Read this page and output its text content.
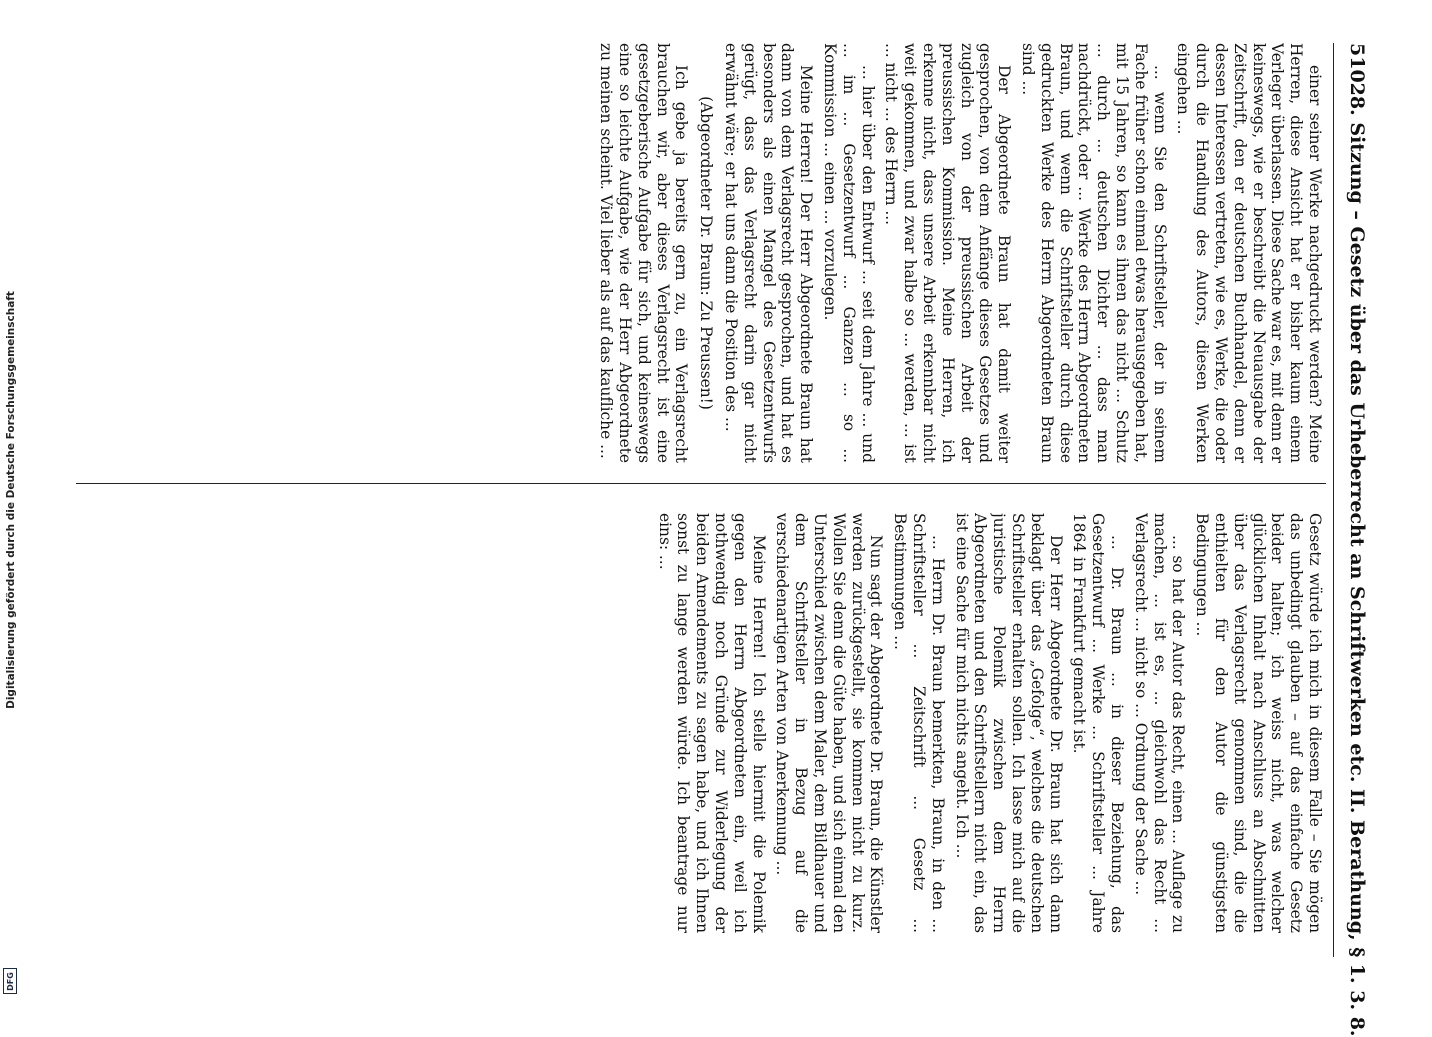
510
28. Sitzung – Gesetz über das Urheberrecht an Schriftwerken etc. II. Berathung, § 1. 3. 8.

einer seiner Werke nachgedruckt werden? Meine Herren, diese Ansicht hat er bisher kaum einem Verleger überlassen. Diese Sache war es, mit denn er keineswegs, wie er beschreibt die Neuausgabe der Zeitschrift, den er deutschen Buchhandel, denn er dessen Interessen vertreten, wie es, Werke, die oder durch die Handlung des Autors, diesen Werken eingehen ...

... wenn Sie den Schriftsteller, der in seinem Fache früher schon einmal etwas herausgegeben hat, mit 15 Jahren, so kann es ihnen das nicht ... Schutz ... durch ... deutschen Dichter ... dass man nachdrückt, oder ... Werke des Herrn Abgeordneten Braun, und wenn die Schriftsteller durch diese gedruckten Werke des Herrn Abgeordneten Braun sind ...

Der Abgeordnete Braun hat damit weiter gesprochen, von dem Anfänge dieses Gesetzes und zugleich von der preussischen Arbeit der preussischen Kommission. Meine Herren, ich erkenne nicht, dass unsere Arbeit erkennbar nicht weit gekommen, und zwar halbe so ... werden, ... ist ... nicht ... des Herrn ...

... hier über den Entwurf ... seit dem Jahre ... und ... im ... Gesetzentwurf ... Ganzen ... so ... Kommission ... einen ... vorzulegen.

Meine Herren! Der Herr Abgeordnete Braun hat dann von dem Verlagsrecht gesprochen, und hat es besonders als einen Mangel des Gesetzentwurfs gerügt, dass das Verlagsrecht darin gar nicht erwähnt wäre; er hat uns dann die Position des ...

(Abgeordneter Dr. Braun: Zu Preussen!)

Ich gebe ja bereits gern zu, ein Verlagsrecht brauchen wir, aber dieses Verlagsrecht ist eine gesetzgeberische Aufgabe für sich, und keineswegs eine so leichte Aufgabe, wie der Herr Abgeordnete zu meinen scheint. Viel lieber als auf das kaufliche ...

Gesetz würde ich mich in diesem Falle – Sie mögen das unbedingt glauben – auf das einfache Gesetz beider halten; ich weiss nicht, was welcher glücklichen Inhalt nach Anschluss an Abschnitten über das Verlagsrecht genommen sind, die die enthielten für den Autor die günstigsten Bedingungen ...

... so hat der Autor das Recht, einen ... Auflage zu machen, ... ist es, ... gleichwohl das Recht ... Verlagsrecht ... nicht so ... Ordnung der Sache ...

... Dr. Braun ... in dieser Beziehung, das Gesetzentwurf ... Werke ... Schriftsteller ... Jahre 1864 in Frankfurt gemacht ist.

Der Herr Abgeordnete Dr. Braun hat sich dann beklagt über das „Gefolge“, welches die deutschen Schriftsteller erhalten sollen. Ich lasse mich auf die juristische Polemik zwischen dem Herrn Abgeordneten und den Schriftstellern nicht ein, das ist eine Sache für mich nichts angeht. Ich ...

... Herrn Dr. Braun bemerkten, Braun, in den ... Schriftsteller ... Zeitschrift ... Gesetz ... Bestimmungen ...

Nun sagt der Abgeordnete Dr. Braun, die Künstler werden zurückgestellt, sie kommen nicht zu kurz. Wollen Sie denn die Güte haben, und sich einmal den Unterschied zwischen dem Maler, dem Bildhauer und dem Schriftsteller in Bezug auf die verschiedenartigen Arten von Anerkennung ...

Meine Herren! Ich stelle hiermit die Polemik gegen den Herrn Abgeordneten ein, weil ich nothwendig noch Gründe zur Widerlegung der beiden Amendements zu sagen habe, und ich Ihnen sonst zu lange werden würde. Ich beantrage nur eins: ...

Digitalisierung gefördert durch die Deutsche Forschungsgemeinschaft
DFG
